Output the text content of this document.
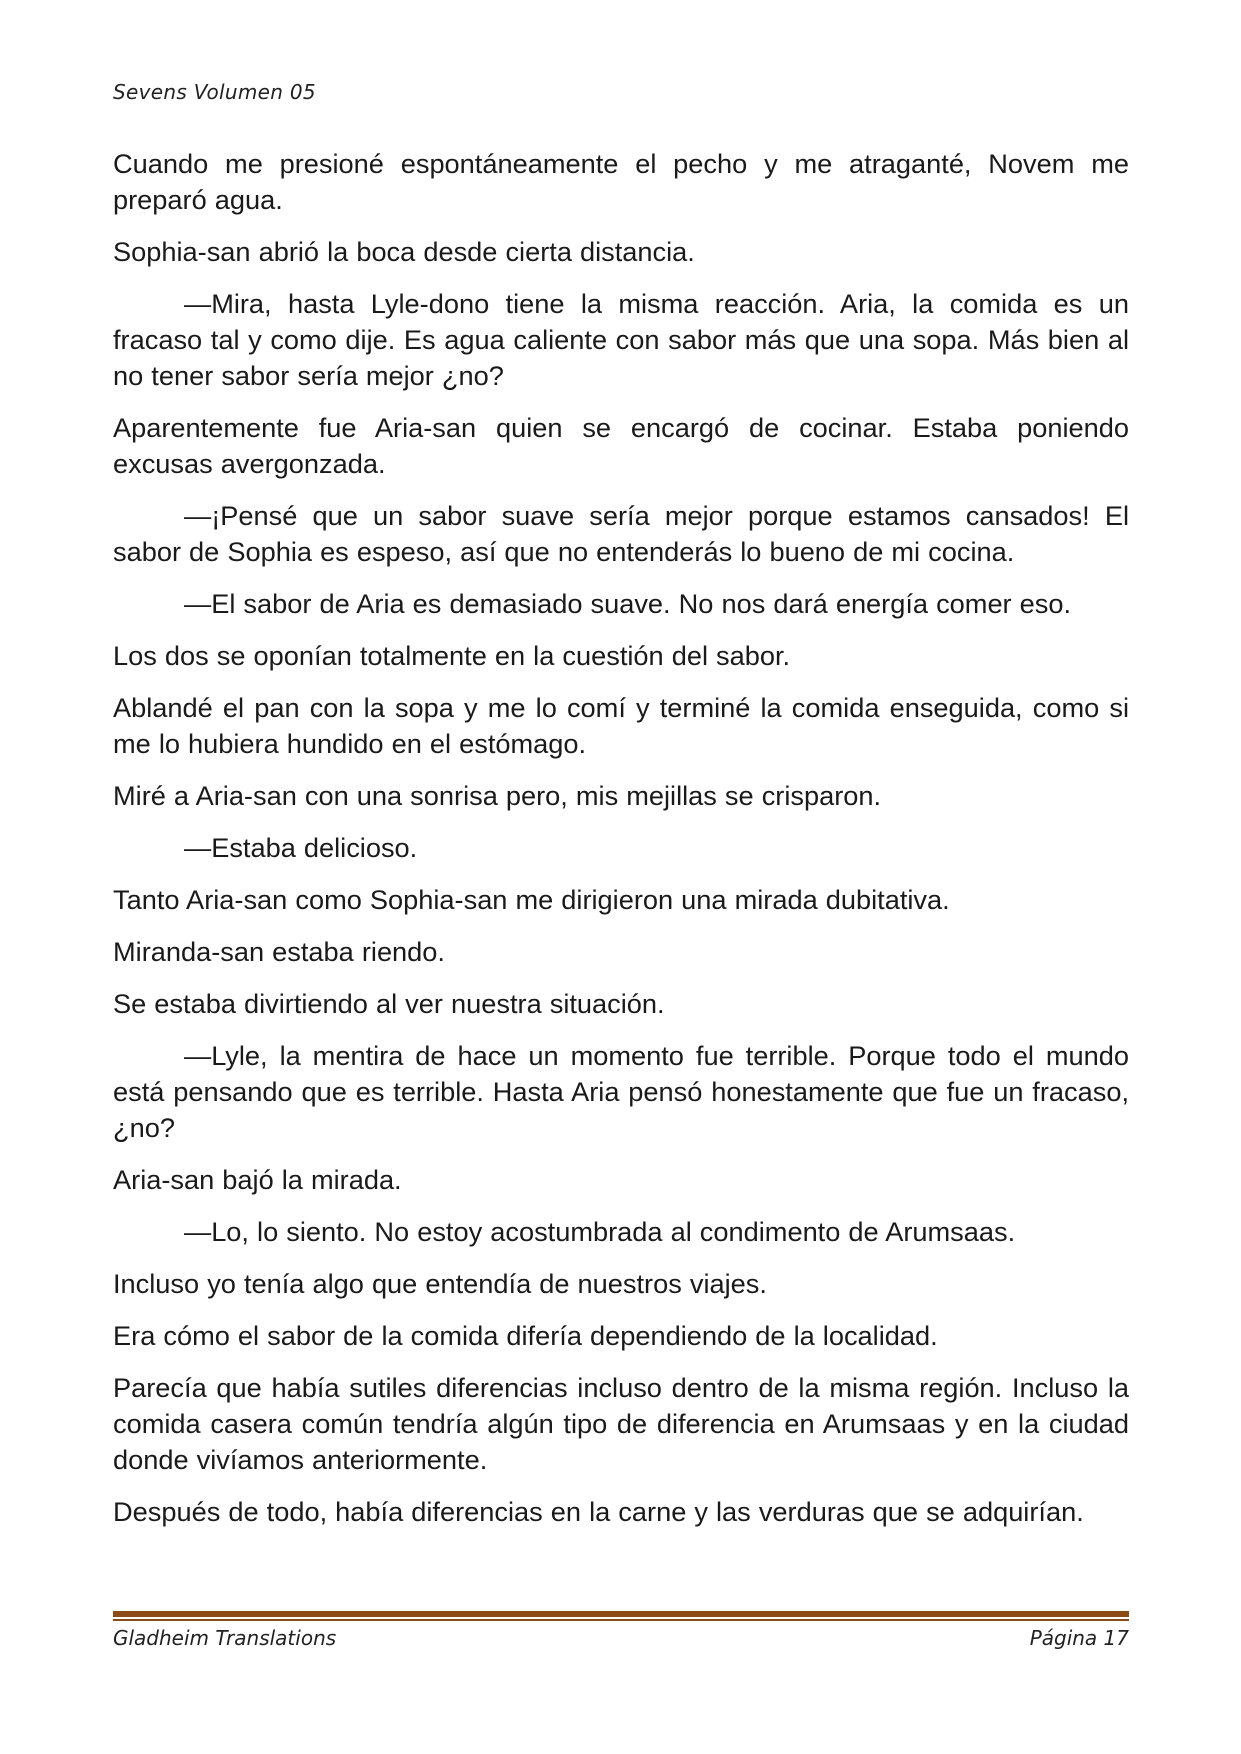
Sevens Volumen 05

Cuando me presioné espontáneamente el pecho y me atraganté, Novem me preparó agua.

Sophia-san abrió la boca desde cierta distancia.

—Mira, hasta Lyle-dono tiene la misma reacción. Aria, la comida es un fracaso tal y como dije. Es agua caliente con sabor más que una sopa. Más bien al no tener sabor sería mejor ¿no?

Aparentemente fue Aria-san quien se encargó de cocinar. Estaba poniendo excusas avergonzada.

—¡Pensé que un sabor suave sería mejor porque estamos cansados! El sabor de Sophia es espeso, así que no entenderás lo bueno de mi cocina.

—El sabor de Aria es demasiado suave. No nos dará energía comer eso.

Los dos se oponían totalmente en la cuestión del sabor.

Ablandé el pan con la sopa y me lo comí y terminé la comida enseguida, como si me lo hubiera hundido en el estómago.

Miré a Aria-san con una sonrisa pero, mis mejillas se crisparon.

—Estaba delicioso.

Tanto Aria-san como Sophia-san me dirigieron una mirada dubitativa.

Miranda-san estaba riendo.

Se estaba divirtiendo al ver nuestra situación.

—Lyle, la mentira de hace un momento fue terrible. Porque todo el mundo está pensando que es terrible. Hasta Aria pensó honestamente que fue un fracaso, ¿no?

Aria-san bajó la mirada.

—Lo, lo siento. No estoy acostumbrada al condimento de Arumsaas.

Incluso yo tenía algo que entendía de nuestros viajes.

Era cómo el sabor de la comida difería dependiendo de la localidad.

Parecía que había sutiles diferencias incluso dentro de la misma región. Incluso la comida casera común tendría algún tipo de diferencia en Arumsaas y en la ciudad donde vivíamos anteriormente.

Después de todo, había diferencias en la carne y las verduras que se adquirían.

Gladheim Translations	Página 17
